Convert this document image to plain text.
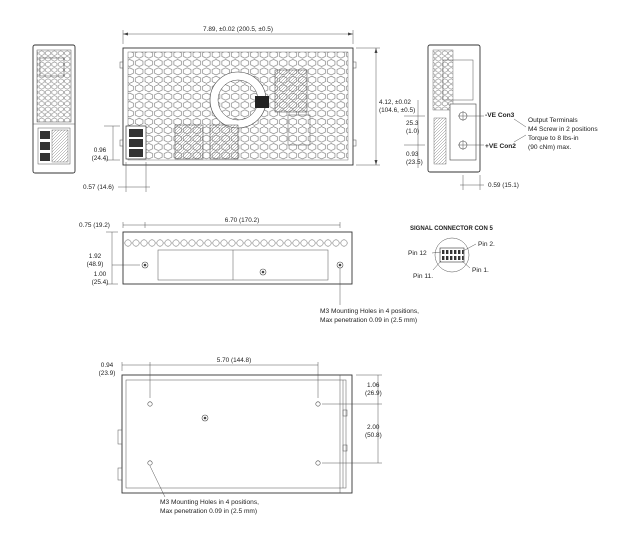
7.89, ±0.02 (200.5, ±0.5)
4.12, ±0.02
(104.6, ±0.5)
0.96
(24.4)
0.57 (14.6)
25.3
(1.0)
0.93
(23.5)
0.59 (15.1)
-VE Con3
+VE Con2
Output Terminals
M4 Screw in 2 positions
Torque to 8 lbs-in
(90 cNm) max.
0.75 (19.2)
6.70 (170.2)
1.92
(48.9)
1.00
(25.4)
M3 Mounting Holes in 4 positions,
Max penetration 0.09 in (2.5 mm)
SIGNAL CONNECTOR CON 5
Pin 12
Pin 2.
Pin 11.
Pin 1.
0.94
(23.9)
5.70 (144.8)
1.06
(26.9)
2.00
(50.8)
M3 Mounting Holes in 4 positions,
Max penetration 0.09 in (2.5 mm)
